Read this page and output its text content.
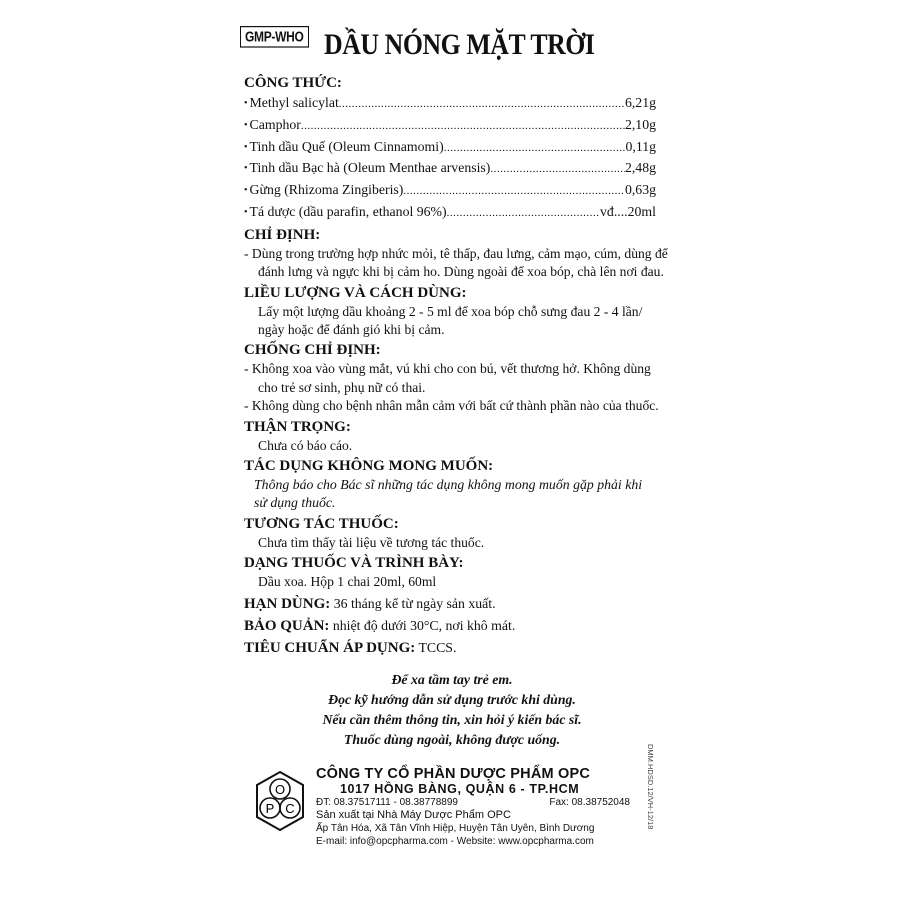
GMP-WHO DẦU NÓNG MẶT TRỜI
CÔNG THỨC:
• Methyl salicylat .....	6,21g
• Camphor .....	2,10g
• Tinh dầu Quế (Oleum Cinnamomi) .....	0,11g
• Tinh dầu Bạc hà (Oleum Menthae arvensis) .....	2,48g
• Gừng (Rhizoma Zingiberis) .....	0,63g
• Tá dược (dầu parafin, ethanol 96%) .....	vđ....20ml
CHỈ ĐỊNH:
- Dùng trong trường hợp nhức mỏi, tê thấp, đau lưng, cảm mạo, cúm, dùng để đánh lưng và ngực khi bị cảm ho. Dùng ngoài để xoa bóp, chà lên nơi đau.
LIỀU LƯỢNG VÀ CÁCH DÙNG:
Lấy một lượng dầu khoảng 2 - 5 ml để xoa bóp chỗ sưng đau 2 - 4 lần/ ngày hoặc để đánh gió khi bị cảm.
CHỐNG CHỈ ĐỊNH:
- Không xoa vào vùng mắt, vú khi cho con bú, vết thương hở. Không dùng cho trẻ sơ sinh, phụ nữ có thai.
- Không dùng cho bệnh nhân mẫn cảm với bất cứ thành phần nào của thuốc.
THẬN TRỌNG:
Chưa có báo cáo.
TÁC DỤNG KHÔNG MONG MUỐN:
Thông báo cho Bác sĩ những tác dụng không mong muốn gặp phải khi sử dụng thuốc.
TƯƠNG TÁC THUỐC:
Chưa tìm thấy tài liệu về tương tác thuốc.
DẠNG THUỐC VÀ TRÌNH BÀY:
Dầu xoa. Hộp 1 chai 20ml, 60ml
HẠN DÙNG: 36 tháng kể từ ngày sản xuất.
BẢO QUẢN: nhiệt độ dưới 30°C, nơi khô mát.
TIÊU CHUẨN ÁP DỤNG: TCCS.
Để xa tầm tay trẻ em.
Đọc kỹ hướng dẫn sử dụng trước khi dùng.
Nếu cần thêm thông tin, xin hỏi ý kiến bác sĩ.
Thuốc dùng ngoài, không được uống.
O
P C
CÔNG TY CỔ PHẦN DƯỢC PHẨM OPC
1017 HỒNG BÀNG, QUẬN 6 - TP.HCM
ĐT: 08.37517111 - 08.38778899	Fax: 08.38752048
Sản xuất tại Nhà Máy Dược Phẩm OPC
Ấp Tân Hóa, Xã Tân Vĩnh Hiệp, Huyện Tân Uyên, Bình Dương
E-mail: info@opcpharma.com - Website: www.opcpharma.com
DMM.HDSD.12/VH-12/18
